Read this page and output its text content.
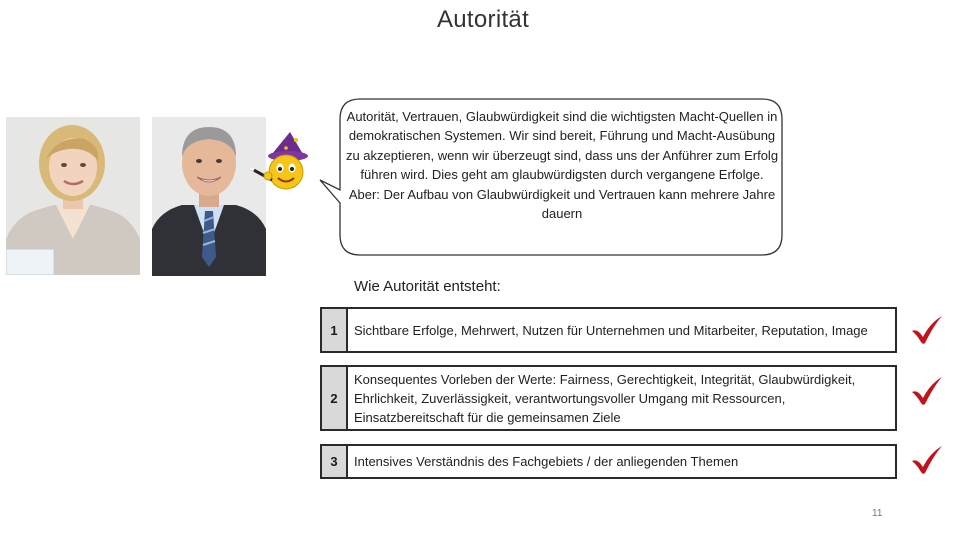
Autorität
Autorität, Vertrauen, Glaubwürdigkeit sind die wichtigsten Macht-Quellen in demokratischen Systemen. Wir sind bereit, Führung und Macht-Ausübung zu akzeptieren, wenn wir überzeugt sind, dass uns der Anführer zum Erfolg führen wird. Dies geht am glaubwürdigsten durch vergangene Erfolge. Aber: Der Aufbau von Glaubwürdigkeit und Vertrauen kann mehrere Jahre dauern
Wie Autorität entsteht:
1	Sichtbare Erfolge, Mehrwert, Nutzen für Unternehmen und Mitarbeiter, Reputation, Image
2
Konsequentes Vorleben der Werte: Fairness, Gerechtigkeit, Integrität, Glaubwürdigkeit, Ehrlichkeit, Zuverlässigkeit, verantwortungsvoller Umgang mit Ressourcen, Einsatzbereitschaft für die gemeinsamen Ziele
3	Intensives Verständnis des Fachgebiets / der anliegenden Themen
11
